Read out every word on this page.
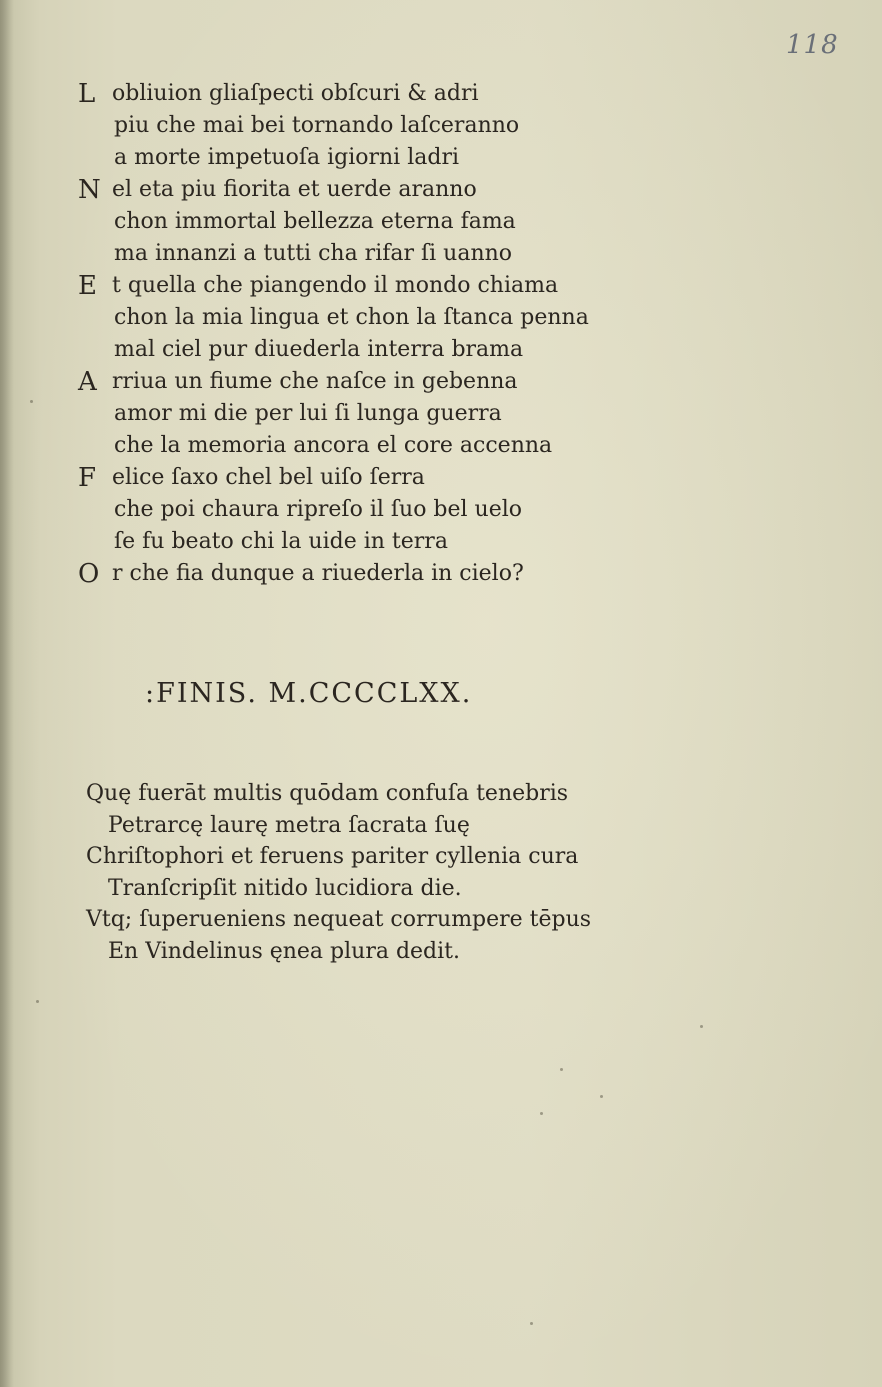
118
L obliuion gliaſpecti obſcuri & adri
piu che mai bei tornando laſceranno
a morte impetuoſa igiorni ladri
N el eta piu fiorita et uerde aranno
chon immortal bellezza eterna fama
ma innanzi a tutti cha rifar ſi uanno
E t quella che piangendo il mondo chiama
chon la mia lingua et chon la ſtanca penna
mal ciel pur diuederla interra brama
A rriua un fiume che naſce in gebenna
amor mi die per lui ſi lunga guerra
che la memoria ancora el core accenna
F elice ſaxo chel bel uiſo ſerra
che poi chaura ripreſo il ſuo bel uelo
ſe fu beato chi la uide in terra
O r che fia dunque a riuederla in cielo?
:FINIS. M.CCCCLXX.
Quę fuerāt multis quōdam confuſa tenebris
Petrarcę laurę metra ſacrata ſuę
Chriſtophori et feruens pariter cyllenia cura
Tranſcripſit nitido lucidiora die.
Vtq; ſuperueniens nequeat corrumpere tēpus
En Vindelinus ęnea plura dedit.
